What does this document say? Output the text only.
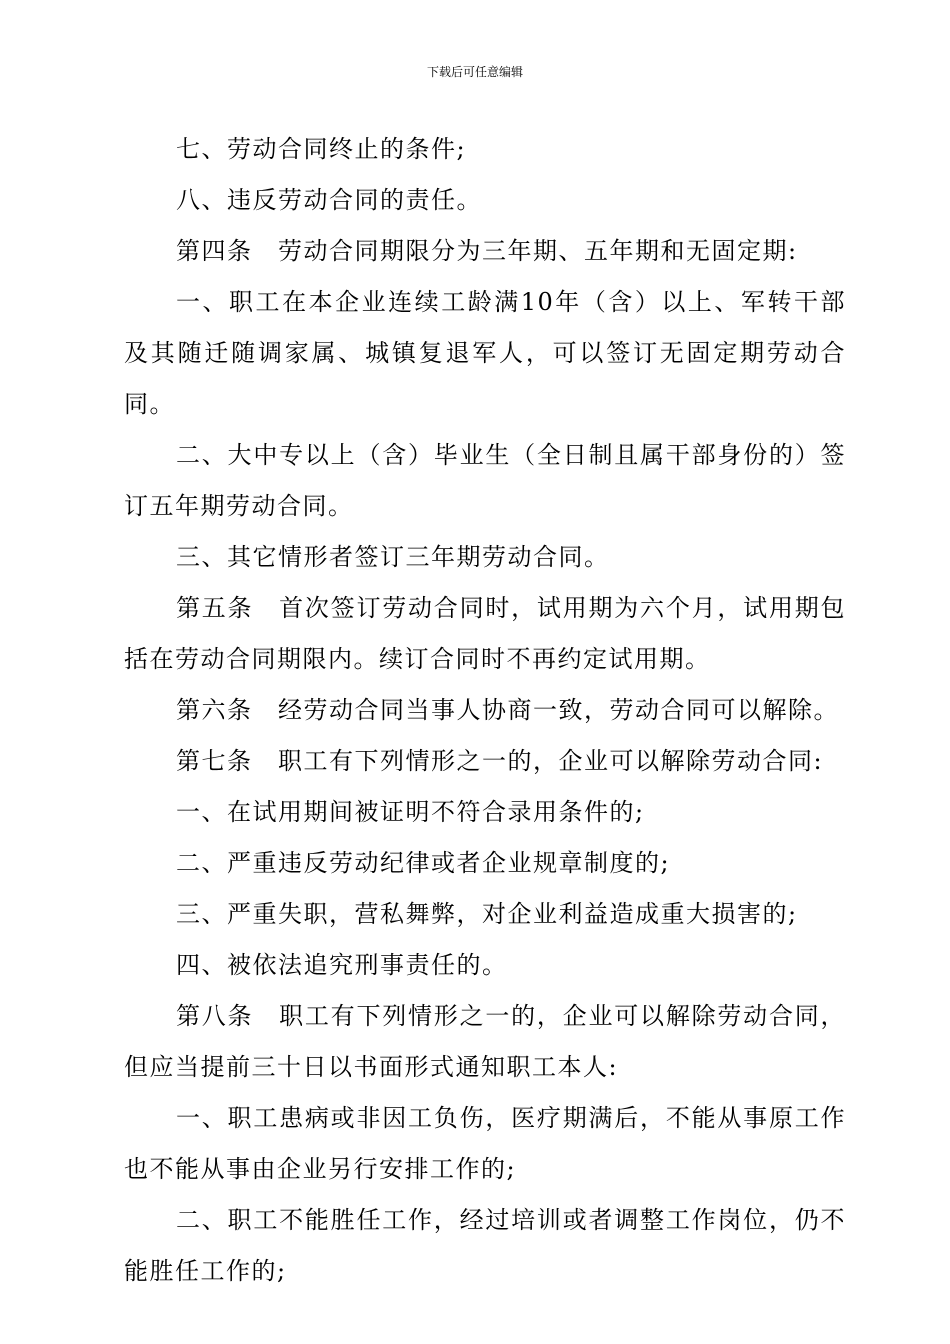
下载后可任意编辑

七、劳动合同终止的条件;

八、违反劳动合同的责任。

第四条　劳动合同期限分为三年期、五年期和无固定期:

一、职工在本企业连续工龄满10年（含）以上、军转干部及其随迁随调家属、城镇复退军人，可以签订无固定期劳动合同。

二、大中专以上（含）毕业生（全日制且属干部身份的）签订五年期劳动合同。

三、其它情形者签订三年期劳动合同。

第五条　首次签订劳动合同时，试用期为六个月，试用期包括在劳动合同期限内。续订合同时不再约定试用期。

第六条　经劳动合同当事人协商一致，劳动合同可以解除。

第七条　职工有下列情形之一的，企业可以解除劳动合同:

一、在试用期间被证明不符合录用条件的;

二、严重违反劳动纪律或者企业规章制度的;

三、严重失职，营私舞弊，对企业利益造成重大损害的;

四、被依法追究刑事责任的。

第八条　职工有下列情形之一的，企业可以解除劳动合同，但应当提前三十日以书面形式通知职工本人:

一、职工患病或非因工负伤，医疗期满后，不能从事原工作也不能从事由企业另行安排工作的;

二、职工不能胜任工作，经过培训或者调整工作岗位，仍不能胜任工作的;
